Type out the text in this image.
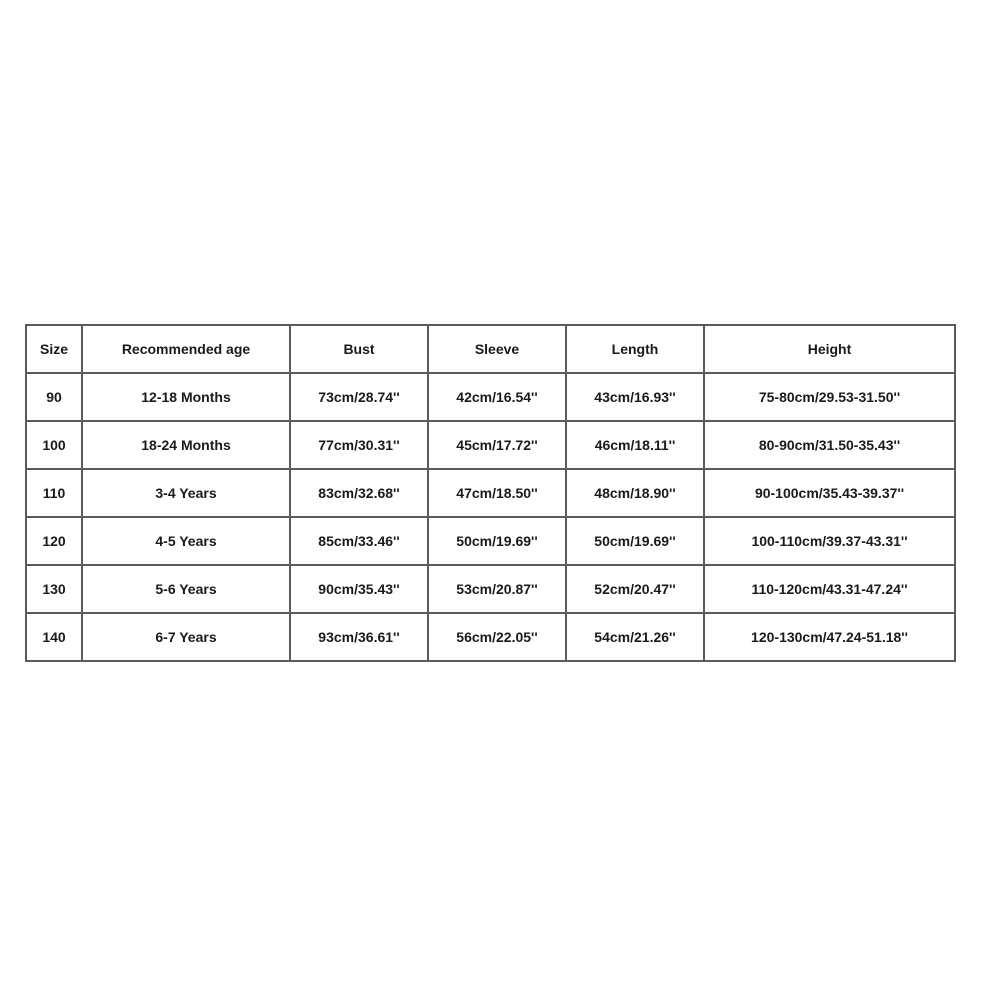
Size	Recommended age	Bust	Sleeve	Length	Height
90	12-18 Months	73cm/28.74''	42cm/16.54''	43cm/16.93''	75-80cm/29.53-31.50''
100	18-24 Months	77cm/30.31''	45cm/17.72''	46cm/18.11''	80-90cm/31.50-35.43''
110	3-4 Years	83cm/32.68''	47cm/18.50''	48cm/18.90''	90-100cm/35.43-39.37''
120	4-5 Years	85cm/33.46''	50cm/19.69''	50cm/19.69''	100-110cm/39.37-43.31''
130	5-6 Years	90cm/35.43''	53cm/20.87''	52cm/20.47''	110-120cm/43.31-47.24''
140	6-7 Years	93cm/36.61''	56cm/22.05''	54cm/21.26''	120-130cm/47.24-51.18''
